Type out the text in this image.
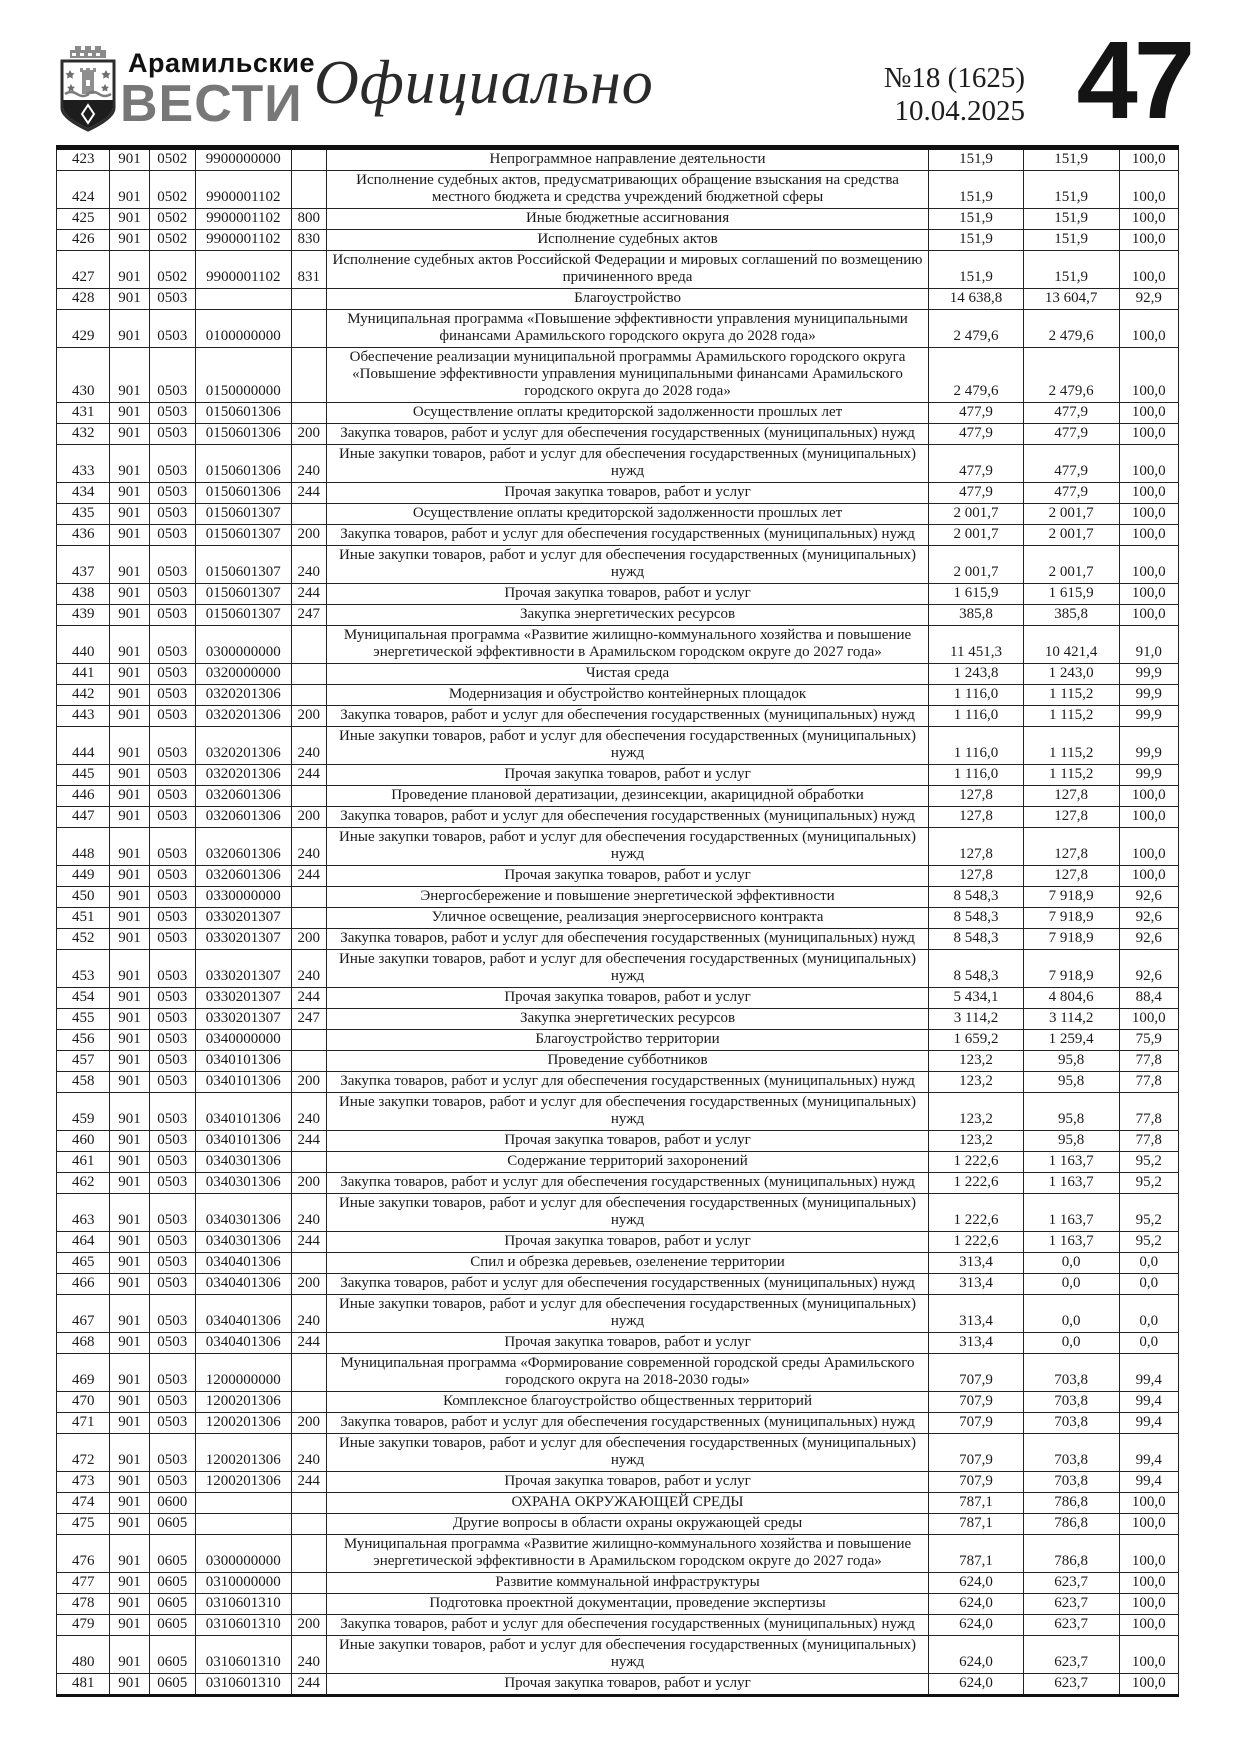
Арамильские
ВЕСТИ Официально	№18 (1625)
10.04.2025 47
423	901	0502	9900000000		Непрограммное направление деятельности	151,9	151,9	100,0
424	901	0502	9900001102		Исполнение судебных актов, предусматривающих обращение взыскания на средства местного бюджета и средства учреждений бюджетной сферы	151,9	151,9	100,0
425	901	0502	9900001102	800	Иные бюджетные ассигнования	151,9	151,9	100,0
426	901	0502	9900001102	830	Исполнение судебных актов	151,9	151,9	100,0
427	901	0502	9900001102	831	Исполнение судебных актов Российской Федерации и мировых соглашений по возмещению причиненного вреда	151,9	151,9	100,0
428	901	0503			Благоустройство	14 638,8	13 604,7	92,9
429	901	0503	0100000000		Муниципальная программа «Повышение эффективности управления муниципальными финансами Арамильского городского округа до 2028 года»	2 479,6	2 479,6	100,0
430	901	0503	0150000000		Обеспечение реализации муниципальной программы Арамильского городского округа «Повышение эффективности управления муниципальными финансами Арамильского городского округа до 2028 года»	2 479,6	2 479,6	100,0
431	901	0503	0150601306		Осуществление оплаты кредиторской задолженности прошлых лет	477,9	477,9	100,0
432	901	0503	0150601306	200	Закупка товаров, работ и услуг для обеспечения государственных (муниципальных) нужд	477,9	477,9	100,0
433	901	0503	0150601306	240	Иные закупки товаров, работ и услуг для обеспечения государственных (муниципальных) нужд	477,9	477,9	100,0
434	901	0503	0150601306	244	Прочая закупка товаров, работ и услуг	477,9	477,9	100,0
435	901	0503	0150601307		Осуществление оплаты кредиторской задолженности прошлых лет	2 001,7	2 001,7	100,0
436	901	0503	0150601307	200	Закупка товаров, работ и услуг для обеспечения государственных (муниципальных) нужд	2 001,7	2 001,7	100,0
437	901	0503	0150601307	240	Иные закупки товаров, работ и услуг для обеспечения государственных (муниципальных) нужд	2 001,7	2 001,7	100,0
438	901	0503	0150601307	244	Прочая закупка товаров, работ и услуг	1 615,9	1 615,9	100,0
439	901	0503	0150601307	247	Закупка энергетических ресурсов	385,8	385,8	100,0
440	901	0503	0300000000		Муниципальная программа «Развитие жилищно-коммунального хозяйства и повышение энергетической эффективности в Арамильском городском округе до 2027 года»	11 451,3	10 421,4	91,0
441	901	0503	0320000000		Чистая среда	1 243,8	1 243,0	99,9
442	901	0503	0320201306		Модернизация и обустройство контейнерных площадок	1 116,0	1 115,2	99,9
443	901	0503	0320201306	200	Закупка товаров, работ и услуг для обеспечения государственных (муниципальных) нужд	1 116,0	1 115,2	99,9
444	901	0503	0320201306	240	Иные закупки товаров, работ и услуг для обеспечения государственных (муниципальных) нужд	1 116,0	1 115,2	99,9
445	901	0503	0320201306	244	Прочая закупка товаров, работ и услуг	1 116,0	1 115,2	99,9
446	901	0503	0320601306		Проведение плановой дератизации, дезинсекции, акарицидной обработки	127,8	127,8	100,0
447	901	0503	0320601306	200	Закупка товаров, работ и услуг для обеспечения государственных (муниципальных) нужд	127,8	127,8	100,0
448	901	0503	0320601306	240	Иные закупки товаров, работ и услуг для обеспечения государственных (муниципальных) нужд	127,8	127,8	100,0
449	901	0503	0320601306	244	Прочая закупка товаров, работ и услуг	127,8	127,8	100,0
450	901	0503	0330000000		Энергосбережение и повышение энергетической эффективности	8 548,3	7 918,9	92,6
451	901	0503	0330201307		Уличное освещение, реализация энергосервисного контракта	8 548,3	7 918,9	92,6
452	901	0503	0330201307	200	Закупка товаров, работ и услуг для обеспечения государственных (муниципальных) нужд	8 548,3	7 918,9	92,6
453	901	0503	0330201307	240	Иные закупки товаров, работ и услуг для обеспечения государственных (муниципальных) нужд	8 548,3	7 918,9	92,6
454	901	0503	0330201307	244	Прочая закупка товаров, работ и услуг	5 434,1	4 804,6	88,4
455	901	0503	0330201307	247	Закупка энергетических ресурсов	3 114,2	3 114,2	100,0
456	901	0503	0340000000		Благоустройство территории	1 659,2	1 259,4	75,9
457	901	0503	0340101306		Проведение субботников	123,2	95,8	77,8
458	901	0503	0340101306	200	Закупка товаров, работ и услуг для обеспечения государственных (муниципальных) нужд	123,2	95,8	77,8
459	901	0503	0340101306	240	Иные закупки товаров, работ и услуг для обеспечения государственных (муниципальных) нужд	123,2	95,8	77,8
460	901	0503	0340101306	244	Прочая закупка товаров, работ и услуг	123,2	95,8	77,8
461	901	0503	0340301306		Содержание территорий захоронений	1 222,6	1 163,7	95,2
462	901	0503	0340301306	200	Закупка товаров, работ и услуг для обеспечения государственных (муниципальных) нужд	1 222,6	1 163,7	95,2
463	901	0503	0340301306	240	Иные закупки товаров, работ и услуг для обеспечения государственных (муниципальных) нужд	1 222,6	1 163,7	95,2
464	901	0503	0340301306	244	Прочая закупка товаров, работ и услуг	1 222,6	1 163,7	95,2
465	901	0503	0340401306		Спил и обрезка деревьев, озеленение территории	313,4	0,0	0,0
466	901	0503	0340401306	200	Закупка товаров, работ и услуг для обеспечения государственных (муниципальных) нужд	313,4	0,0	0,0
467	901	0503	0340401306	240	Иные закупки товаров, работ и услуг для обеспечения государственных (муниципальных) нужд	313,4	0,0	0,0
468	901	0503	0340401306	244	Прочая закупка товаров, работ и услуг	313,4	0,0	0,0
469	901	0503	1200000000		Муниципальная программа «Формирование современной городской среды Арамильского городского округа на 2018-2030 годы»	707,9	703,8	99,4
470	901	0503	1200201306		Комплексное благоустройство общественных территорий	707,9	703,8	99,4
471	901	0503	1200201306	200	Закупка товаров, работ и услуг для обеспечения государственных (муниципальных) нужд	707,9	703,8	99,4
472	901	0503	1200201306	240	Иные закупки товаров, работ и услуг для обеспечения государственных (муниципальных) нужд	707,9	703,8	99,4
473	901	0503	1200201306	244	Прочая закупка товаров, работ и услуг	707,9	703,8	99,4
474	901	0600			ОХРАНА ОКРУЖАЮЩЕЙ СРЕДЫ	787,1	786,8	100,0
475	901	0605			Другие вопросы в области охраны окружающей среды	787,1	786,8	100,0
476	901	0605	0300000000		Муниципальная программа «Развитие жилищно-коммунального хозяйства и повышение энергетической эффективности в Арамильском городском округе до 2027 года»	787,1	786,8	100,0
477	901	0605	0310000000		Развитие коммунальной инфраструктуры	624,0	623,7	100,0
478	901	0605	0310601310		Подготовка проектной документации, проведение экспертизы	624,0	623,7	100,0
479	901	0605	0310601310	200	Закупка товаров, работ и услуг для обеспечения государственных (муниципальных) нужд	624,0	623,7	100,0
480	901	0605	0310601310	240	Иные закупки товаров, работ и услуг для обеспечения государственных (муниципальных) нужд	624,0	623,7	100,0
481	901	0605	0310601310	244	Прочая закупка товаров, работ и услуг	624,0	623,7	100,0
